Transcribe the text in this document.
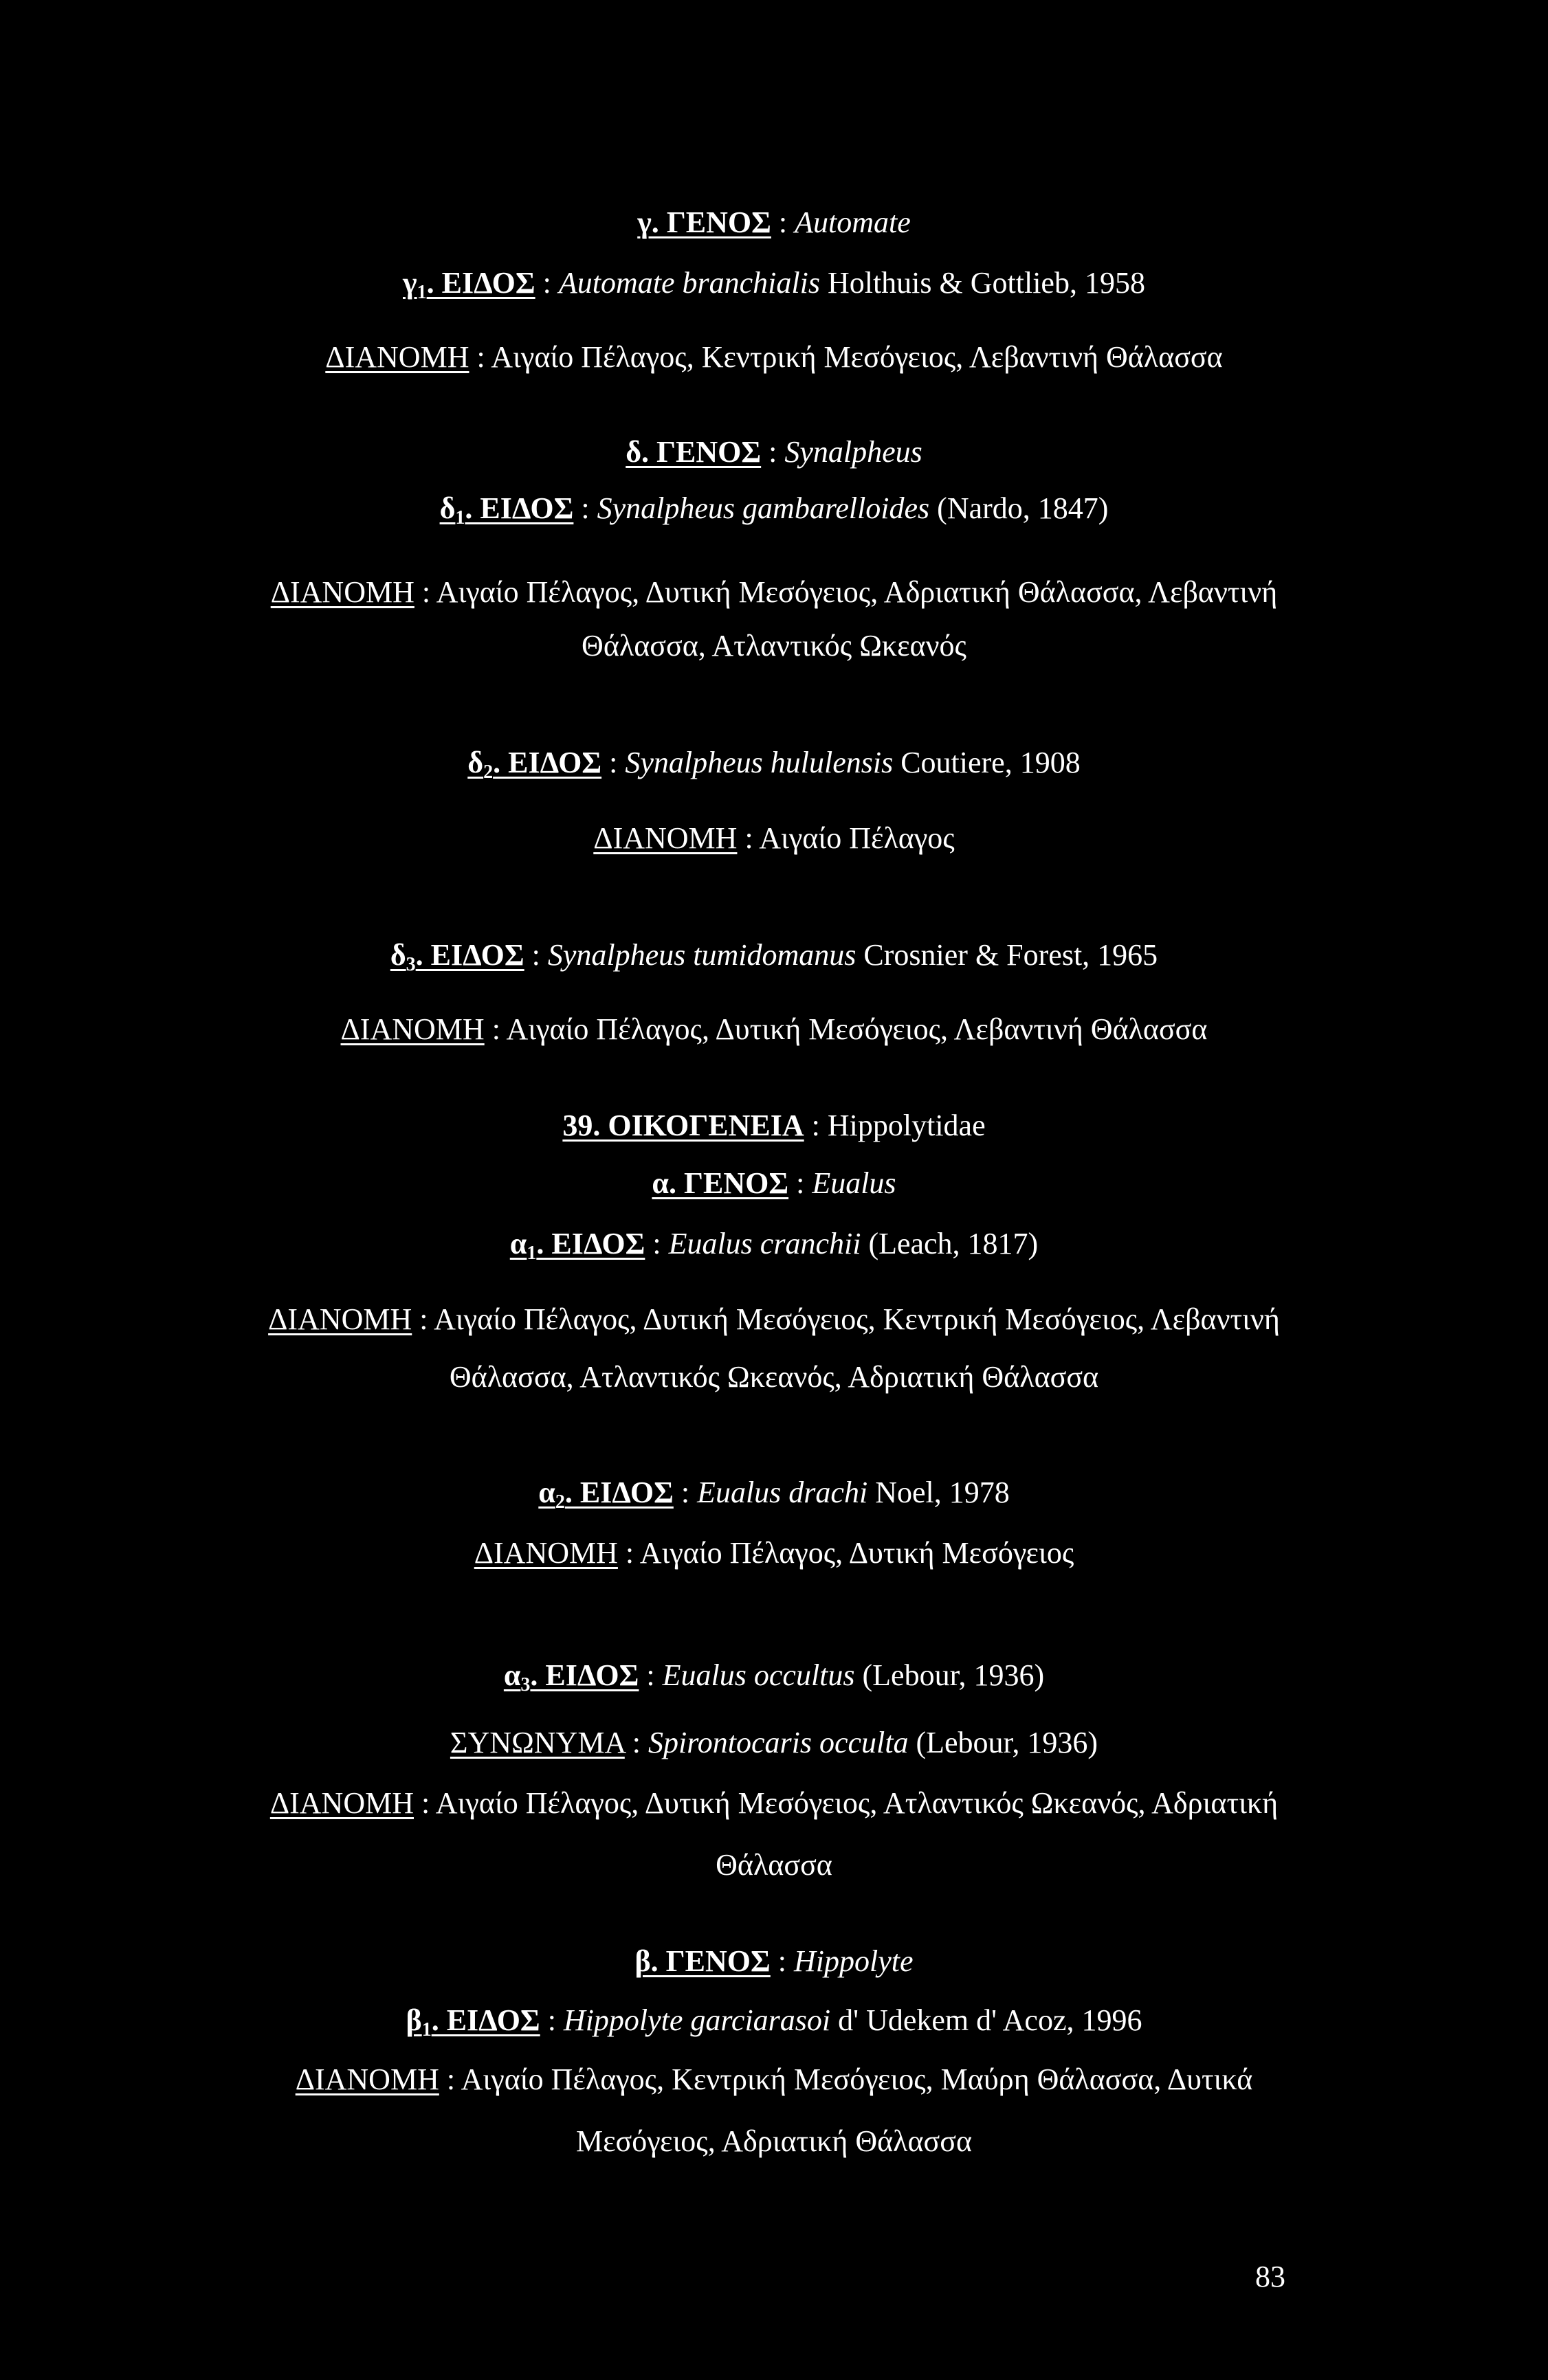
γ. ΓΕΝΟΣ : Automate
$\gamma_1$. ΕΙΔΟΣ : Automate branchialis Holthuis & Gottlieb, 1958
ΔΙΑΝΟΜΗ : Αιγαίο Πέλαγος, Κεντρική Μεσόγειος, Λεβαντινή Θάλασσα
δ. ΓΕΝΟΣ : Synalpheus
$\delta_1$. ΕΙΔΟΣ : Synalpheus gambarelloides (Nardo, 1847)
ΔΙΑΝΟΜΗ : Αιγαίο Πέλαγος, Δυτική Μεσόγειος, Αδριατική Θάλασσα, Λεβαντινή
Θάλασσα, Ατλαντικός Ωκεανός
$\delta_2$. ΕΙΔΟΣ : Synalpheus hululensis Coutiere, 1908
ΔΙΑΝΟΜΗ : Αιγαίο Πέλαγος
$\delta_3$. ΕΙΔΟΣ : Synalpheus tumidomanus Crosnier & Forest, 1965
ΔΙΑΝΟΜΗ : Αιγαίο Πέλαγος, Δυτική Μεσόγειος, Λεβαντινή Θάλασσα
39. ΟΙΚΟΓΕΝΕΙΑ : Hippolytidae
α. ΓΕΝΟΣ : Eualus
$\alpha_1$. ΕΙΔΟΣ : Eualus cranchii (Leach, 1817)
ΔΙΑΝΟΜΗ : Αιγαίο Πέλαγος, Δυτική Μεσόγειος, Κεντρική Μεσόγειος, Λεβαντινή
Θάλασσα, Ατλαντικός Ωκεανός, Αδριατική Θάλασσα
$\alpha_2$. ΕΙΔΟΣ : Eualus drachi Noel, 1978
ΔΙΑΝΟΜΗ : Αιγαίο Πέλαγος, Δυτική Μεσόγειος
$\alpha_3$. ΕΙΔΟΣ : Eualus occultus (Lebour, 1936)
ΣΥΝΩΝΥΜΑ : Spirontocaris occulta (Lebour, 1936)
ΔΙΑΝΟΜΗ : Αιγαίο Πέλαγος, Δυτική Μεσόγειος, Ατλαντικός Ωκεανός, Αδριατική
Θάλασσα
β. ΓΕΝΟΣ : Hippolyte
$\beta_1$. ΕΙΔΟΣ : Hippolyte garciarasoi d' Udekem d' Acoz, 1996
ΔΙΑΝΟΜΗ : Αιγαίο Πέλαγος, Κεντρική Μεσόγειος, Μαύρη Θάλασσα, Δυτικά
Μεσόγειος, Αδριατική Θάλασσα
83
